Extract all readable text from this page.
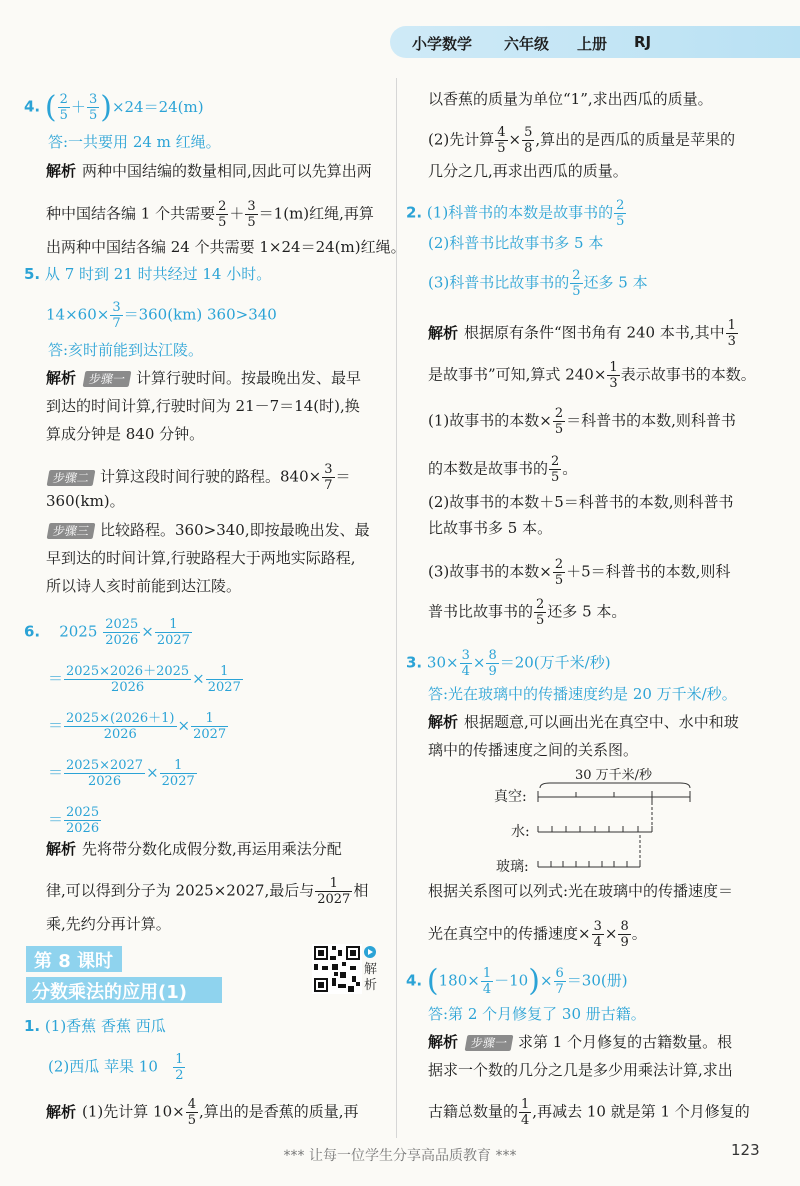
小学数学 六年级 上册 RJ
4. ( $\frac{2}{5} + \frac{3}{5} )\times 24=24(m)$
答:一共要用 24 m 红绳。
解析 两种中国结编的数量相同,因此可以先算出两
种中国结各编 1 个共需要 $\frac{2}{5} + \frac{3}{5} =1(m)$红绳,再算
出两种中国结各编 24 个共需要 1×24＝24(m)红绳。
5. 从 7 时到 21 时共经过 14 小时。
$14\times 60\times \frac{3}{7} =360(km)$ 360>340
答:亥时前能到达江陵。
解析 步骤一 计算行驶时间。按最晚出发、最早
到达的时间计算,行驶时间为 21－7＝14(时),换
算成分钟是 840 分钟。
步骤二 计算这段时间行驶的路程。$840\times \frac{3}{7}$ ＝
360(km)。
步骤三 比较路程。360>340,即按最晚出发、最
早到达的时间计算,行驶路程大于两地实际路程,
所以诗人亥时前能到达江陵。
6. $2025 \frac{2025}{2026} \times \frac{1}{2027}$
＝ $\frac{2025\times 2026+2025}{2026} \times \frac{1}{2027}$
＝ $\frac{2025\times(2026+1)}{2026} \times \frac{1}{2027}$
＝ $\frac{2025\times 2027}{2026} \times \frac{1}{2027}$
＝ $\frac{2025}{2026}$
解析 先将带分数化成假分数,再运用乘法分配
律,可以得到分子为 2025×2027,最后与 $\frac{1}{2027}$ 相
乘,先约分再计算。
第 8 课时
分数乘法的应用(1)
解析
1. (1)香蕉 香蕉 西瓜
(2)西瓜 苹果 $10 \frac{1}{2}$
解析 (1)先计算 $10\times \frac{4}{5}$ ,算出的是香蕉的质量,再
以香蕉的质量为单位“1”,求出西瓜的质量。
(2)先计算 $\frac{4}{5} \times \frac{5}{8}$ ,算出的是西瓜的质量是苹果的
几分之几,再求出西瓜的质量。
2. (1)科普书的本数是故事书的 $\frac{2}{5}$
(2)科普书比故事书多 5 本
(3)科普书比故事书的 $\frac{2}{5}$ 还多 5 本
解析 根据原有条件“图书角有 240 本书,其中 $\frac{1}{3}$
是故事书”可知,算式 $240\times \frac{1}{3}$ 表示故事书的本数。
(1)故事书的本数× $\frac{2}{5}$ ＝科普书的本数,则科普书
的本数是故事书的 $\frac{2}{5}$ 。
(2)故事书的本数＋5＝科普书的本数,则科普书
比故事书多 5 本。
(3)故事书的本数× $\frac{2}{5} +5=$科普书的本数,则科
普书比故事书的 $\frac{2}{5}$ 还多 5 本。
3. $30\times \frac{3}{4} \times \frac{8}{9} =20$(万千米/秒)
答:光在玻璃中的传播速度约是 20 万千米/秒。
解析 根据题意,可以画出光在真空中、水中和玻
璃中的传播速度之间的关系图。
30 万千米/秒
真空:
水:
玻璃:
根据关系图可以列式:光在玻璃中的传播速度＝
光在真空中的传播速度× $\frac{3}{4} \times \frac{8}{9}$ 。
4. $(180\times \frac{1}{4} -10)\times \frac{6}{7} =30$(册)
答:第 2 个月修复了 30 册古籍。
解析 步骤一 求第 1 个月修复的古籍数量。根
据求一个数的几分之几是多少用乘法计算,求出
古籍总数量的 $\frac{1}{4}$ ,再减去 10 就是第 1 个月修复的
*** 让每一位学生分享高品质教育 ***	123
